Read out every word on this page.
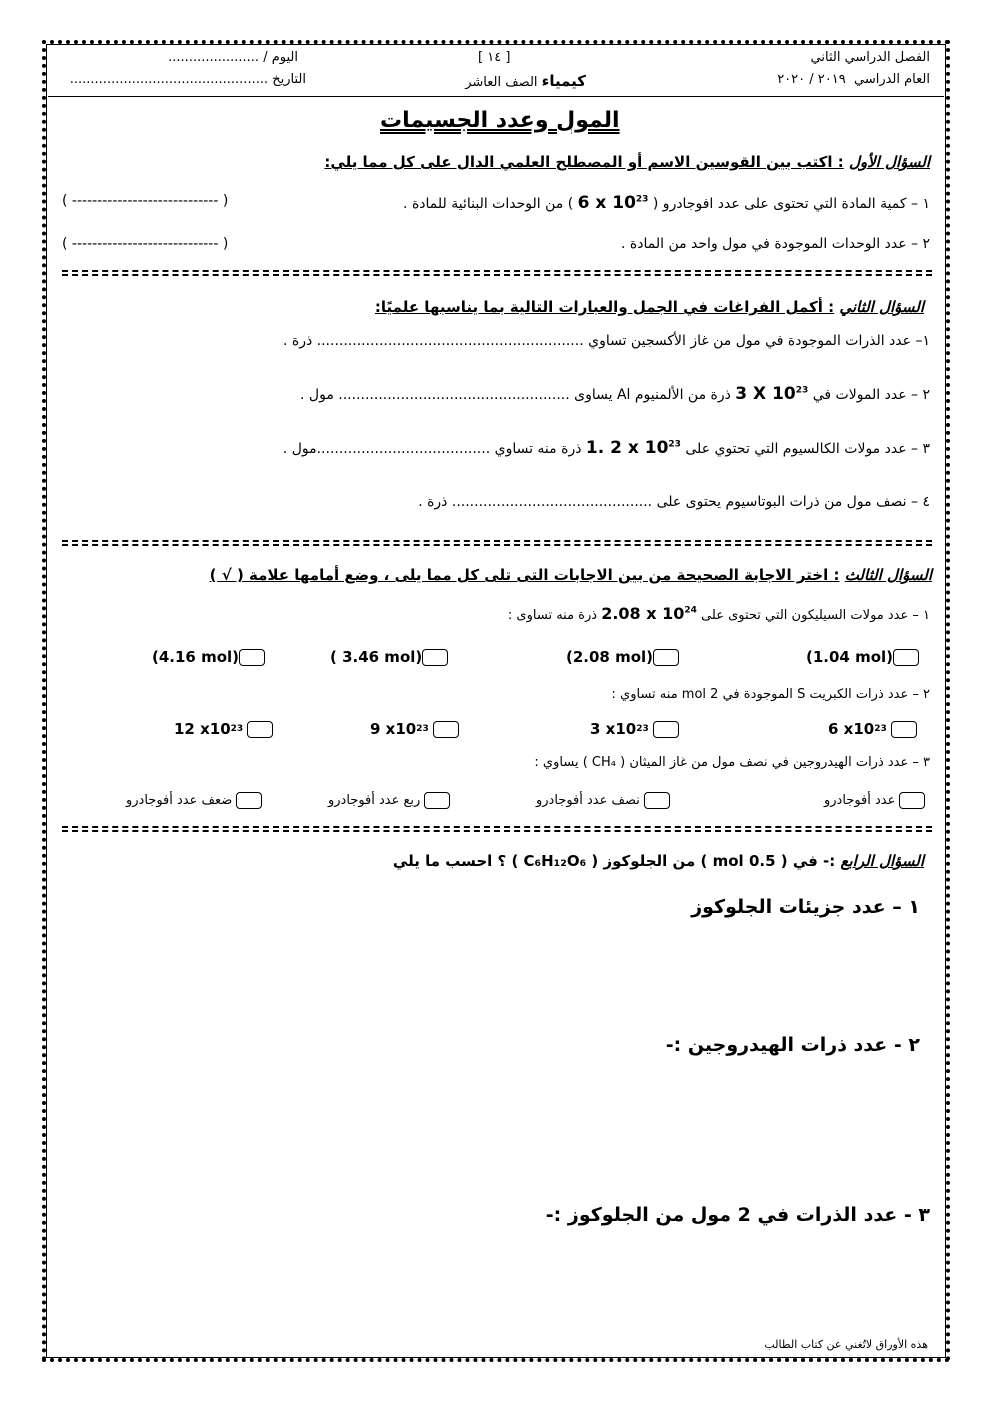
الفصل الدراسي الثاني
العام الدراسي  ٢٠١٩ / ٢٠٢٠
[ ١٤ ]
كيمياء الصف العاشر
اليوم / ......................
التاريخ ................................................
المول وعدد الجسيمات
السؤال الأول : اكتب بين القوسين الاسم أو المصطلح العلمي الدال على كل مما يلي:
١ – كمية المادة التي تحتوى على عدد افوجادرو ( 6 x $10^{23}$ ) من الوحدات البنائية للمادة .
( ----------------------------- )
٢ – عدد الوحدات الموجودة في مول واحد من المادة .
( ----------------------------- )
السؤال الثاني : أكمل الفراغات في الجمل والعبارات التالية بما يناسبها علميًا:
١– عدد الذرات الموجودة في مول من غاز الأكسجين تساوي ............................................................ ذرة .
٢ – عدد المولات في 3 X $10^{23}$ ذرة من الألمنيوم Al يساوى .................................................... مول .
٣ – عدد مولات الكالسيوم التي تحتوي على 1. 2 x $10^{23}$ ذرة منه تساوي .......................................مول .
٤ – نصف مول من ذرات البوتاسيوم يحتوى على ............................................. ذرة .
السؤال الثالث : اختر الاجابة الصحيحة من بين الاجابات التى تلى كل مما يلى ، وضع أمامها علامة ( √ )
١ – عدد مولات السيليكون التي تحتوى على 2.08 x $10^{24}$ ذرة منه تساوى :
(1.04 mol)
(2.08 mol)
( 3.46 mol)
(4.16 mol)
٢ – عدد ذرات الكبريت S الموجودة في 2 mol منه تساوي :
6 x10 23
3 x10 23
9 x10 23
12 x10 23
٣ – عدد ذرات الهيدروجين في نصف مول من غاز الميثان ( CH₄ ) يساوي :
عدد أفوجادرو
نصف عدد أفوجادرو
ربع عدد أفوجادرو
ضعف عدد أفوجادرو
السؤال الرابع :- في ( 0.5 mol ) من الجلوكوز ( C₆H₁₂O₆ ) ؟ احسب ما يلي
١ – عدد جزيئات الجلوكوز
٢ - عدد ذرات الهيدروجين :-
٣ - عدد الذرات في 2 مول من الجلوكوز :-
هذه الأوراق لاتُغني عن كتاب الطالب
